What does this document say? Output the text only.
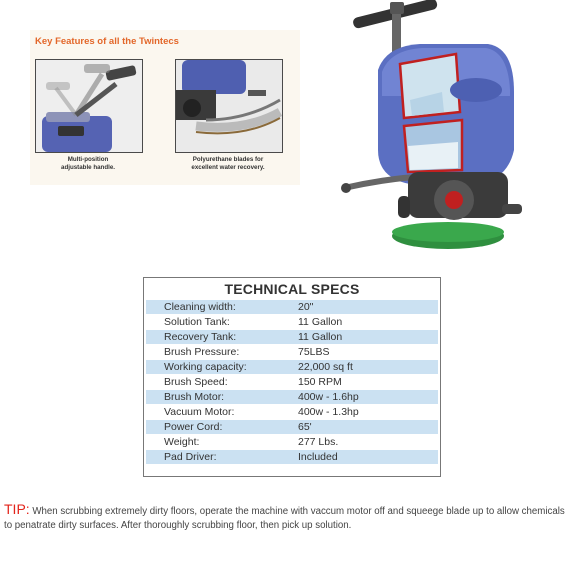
Key Features of all the Twintecs
Multi-position
adjustable handle.
Polyurethane blades for
excellent water recovery.
TECHNICAL SPECS
Cleaning width:	20"
Solution Tank:	11 Gallon
Recovery Tank:	11 Gallon
Brush Pressure:	75LBS
Working capacity:	22,000 sq ft
Brush Speed:	150 RPM
Brush Motor:	400w - 1.6hp
Vacuum Motor:	400w - 1.3hp
Power Cord:	65'
Weight:	277 Lbs.
Pad Driver:	Included
TIP: When scrubbing extremely dirty floors, operate the machine with vaccum motor off and squeege blade up to allow chemicals to penatrate dirty surfaces. After thoroughly scrubbing floor, then pick up solution.
